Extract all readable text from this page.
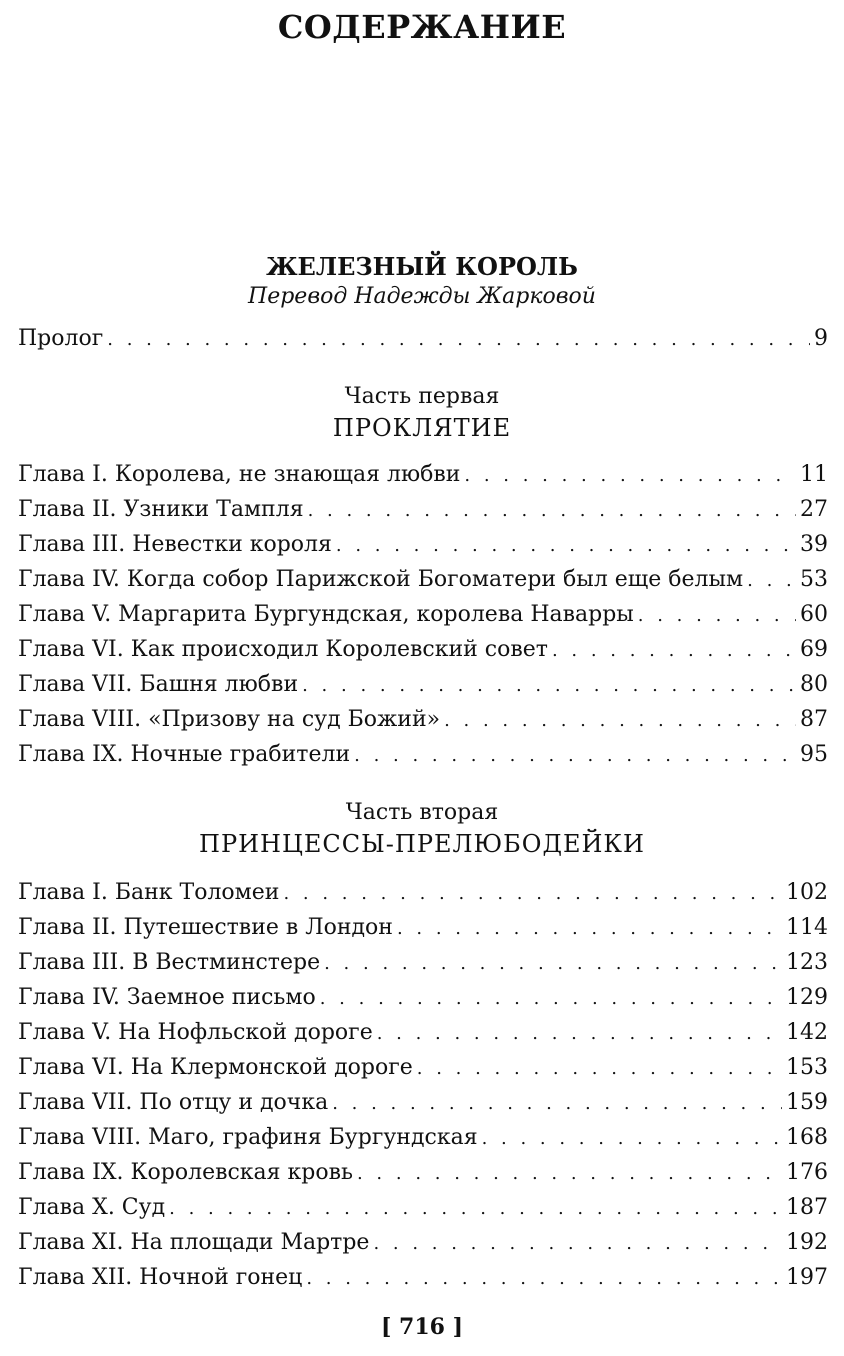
СОДЕРЖАНИЕ
ЖЕЛЕЗНЫЙ КОРОЛЬ
Перевод Надежды Жарковой
Пролог . . .	9
Часть первая
ПРОКЛЯТИЕ
Глава I. Королева, не знающая любви . . .	11
Глава II. Узники Тампля . . .	27
Глава III. Невестки короля . . .	39
Глава IV. Когда собор Парижской Богоматери был еще белым . . .	53
Глава V. Маргарита Бургундская, королева Наварры . . .	60
Глава VI. Как происходил Королевский совет . . .	69
Глава VII. Башня любви . . .	80
Глава VIII. «Призову на суд Божий» . . .	87
Глава IX. Ночные грабители . . .	95
Часть вторая
ПРИНЦЕССЫ-ПРЕЛЮБОДЕЙКИ
Глава I. Банк Толомеи . . .	102
Глава II. Путешествие в Лондон . . .	114
Глава III. В Вестминстере . . .	123
Глава IV. Заемное письмо . . .	129
Глава V. На Нофльской дороге . . .	142
Глава VI. На Клермонской дороге . . .	153
Глава VII. По отцу и дочка . . .	159
Глава VIII. Маго, графиня Бургундская . . .	168
Глава IX. Королевская кровь . . .	176
Глава X. Суд . . .	187
Глава XI. На площади Мартре . . .	192
Глава XII. Ночной гонец . . .	197
[ 716 ]
